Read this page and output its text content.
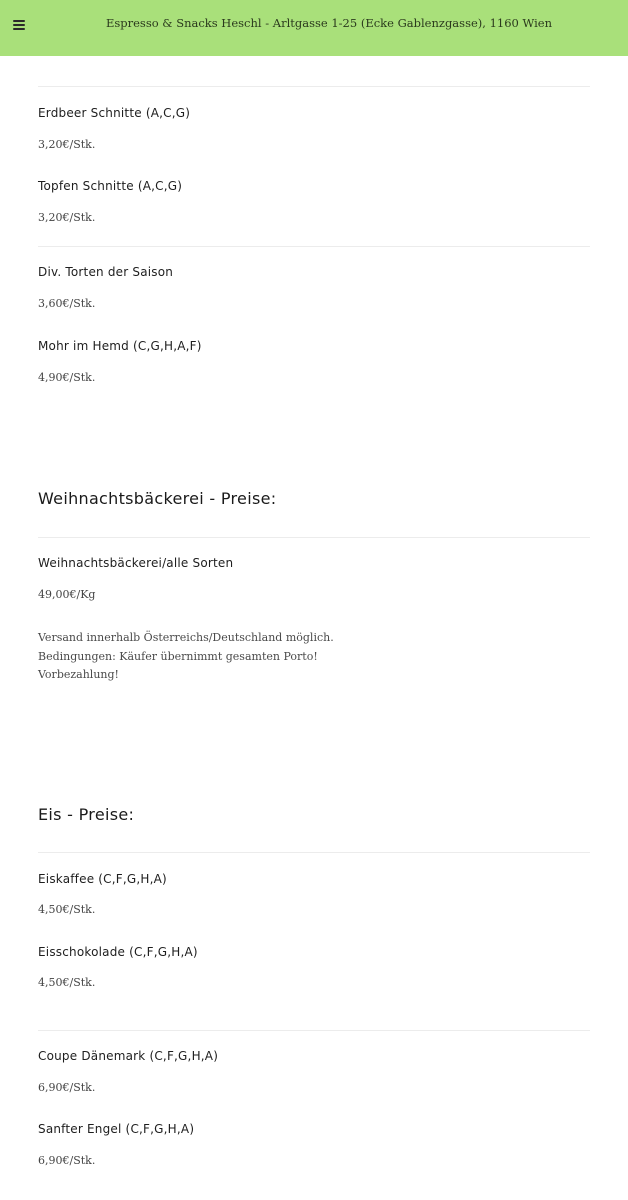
Espresso & Snacks Heschl - Arltgasse 1-25 (Ecke Gablenzgasse), 1160 Wien
Erdbeer Schnitte (A,C,G)
3,20€/Stk.
Topfen Schnitte (A,C,G)
3,20€/Stk.
Div. Torten der Saison
3,60€/Stk.
Mohr im Hemd (C,G,H,A,F)
4,90€/Stk.
Weihnachtsbäckerei - Preise:
Weihnachtsbäckerei/alle Sorten
49,00€/Kg
Versand innerhalb Österreichs/Deutschland möglich.
Bedingungen: Käufer übernimmt gesamten Porto!
Vorbezahlung!
Eis - Preise:
Eiskaffee (C,F,G,H,A)
4,50€/Stk.
Eisschokolade (C,F,G,H,A)
4,50€/Stk.
Coupe Dänemark (C,F,G,H,A)
6,90€/Stk.
Sanfter Engel (C,F,G,H,A)
6,90€/Stk.
